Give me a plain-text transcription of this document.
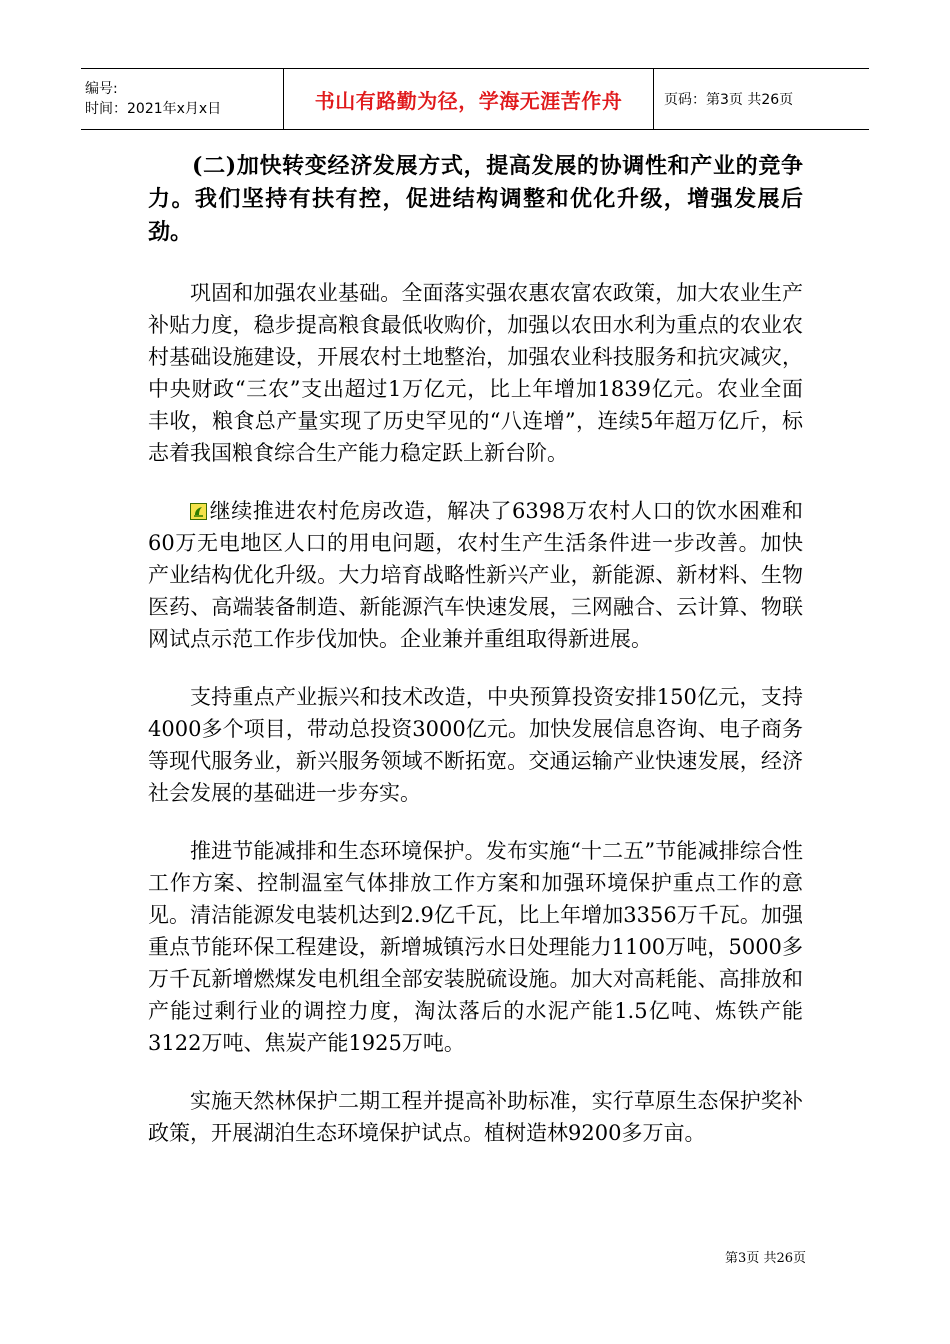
编号:
时间：2021年x月x日	书山有路勤为径，学海无涯苦作舟	页码：第3页 共26页

(二)加快转变经济发展方式，提高发展的协调性和产业的竞争力。我们坚持有扶有控，促进结构调整和优化升级，增强发展后劲。

巩固和加强农业基础。全面落实强农惠农富农政策，加大农业生产补贴力度，稳步提高粮食最低收购价，加强以农田水利为重点的农业农村基础设施建设，开展农村土地整治，加强农业科技服务和抗灾减灾，中央财政“三农”支出超过1万亿元，比上年增加1839亿元。农业全面丰收，粮食总产量实现了历史罕见的“八连增”，连续5年超万亿斤，标志着我国粮食综合生产能力稳定跃上新台阶。

继续推进农村危房改造，解决了6398万农村人口的饮水困难和60万无电地区人口的用电问题，农村生产生活条件进一步改善。加快产业结构优化升级。大力培育战略性新兴产业，新能源、新材料、生物医药、高端装备制造、新能源汽车快速发展，三网融合、云计算、物联网试点示范工作步伐加快。企业兼并重组取得新进展。

支持重点产业振兴和技术改造，中央预算投资安排150亿元，支持4000多个项目，带动总投资3000亿元。加快发展信息咨询、电子商务等现代服务业，新兴服务领域不断拓宽。交通运输产业快速发展，经济社会发展的基础进一步夯实。

推进节能减排和生态环境保护。发布实施“十二五”节能减排综合性工作方案、控制温室气体排放工作方案和加强环境保护重点工作的意见。清洁能源发电装机达到2.9亿千瓦，比上年增加3356万千瓦。加强重点节能环保工程建设，新增城镇污水日处理能力1100万吨，5000多万千瓦新增燃煤发电机组全部安装脱硫设施。加大对高耗能、高排放和产能过剩行业的调控力度，淘汰落后的水泥产能1.5亿吨、炼铁产能3122万吨、焦炭产能1925万吨。

实施天然林保护二期工程并提高补助标准，实行草原生态保护奖补政策，开展湖泊生态环境保护试点。植树造林9200多万亩。

第3页 共26页
